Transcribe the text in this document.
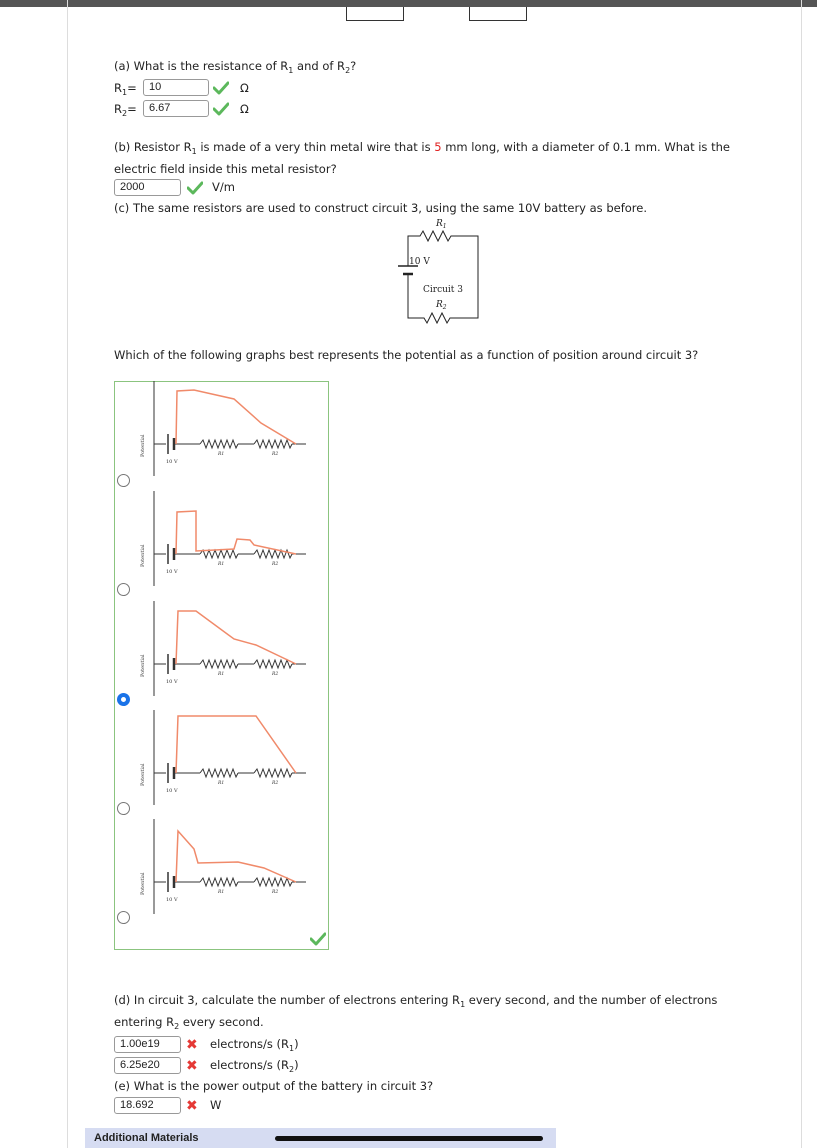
(a) What is the resistance of $R_1$ and of $R_2$?
$R_1=$	10	Ω
$R_2=$	6.67	Ω
(b) Resistor $R_1$ is made of a very thin metal wire that is 5 mm long, with a diameter of 0.1 mm. What is the
electric field inside this metal resistor?
2000	V/m
(c) The same resistors are used to construct circuit 3, using the same 10V battery as before.
$R_1$
10 V
Circuit 3
$R_2$
Which of the following graphs best represents the potential as a function of position around circuit 3?
Potential
10 V
R1	R2
Potential
10 V
R1	R2
Potential
10 V
R1	R2
Potential
10 V
R1	R2
Potential
10 V
R1	R2
(d) In circuit 3, calculate the number of electrons entering $R_1$ every second, and the number of electrons
entering $R_2$ every second.
1.00e19	✖ electrons/s $(R_1)$
6.25e20	✖ electrons/s $(R_2)$
(e) What is the power output of the battery in circuit 3?
18.692	✖ W
Additional Materials
